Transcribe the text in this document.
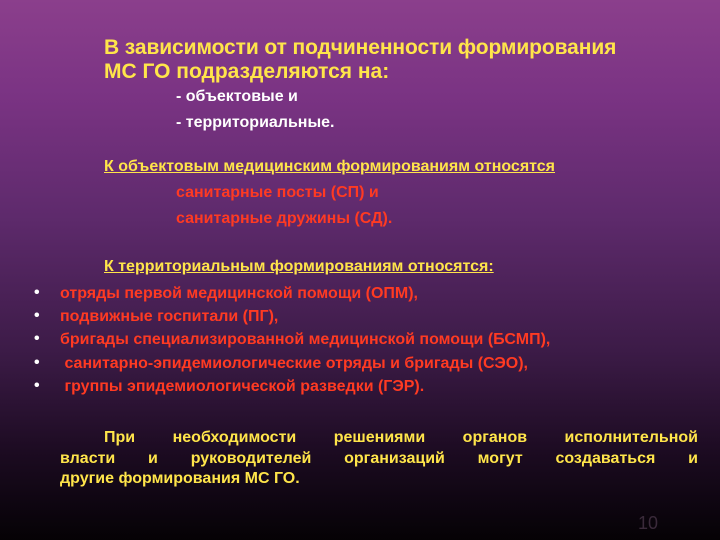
В зависимости от подчиненности формирования
МС ГО подразделяются на:
- объектовые и
- территориальные.
К объектовым медицинским формированиям относятся
санитарные посты (СП) и
санитарные дружины (СД).
К территориальным формированиям относятся:
• отряды первой медицинской помощи (ОПМ),
• подвижные госпитали (ПГ),
• бригады специализированной медицинской помощи (БСМП),
• санитарно-эпидемиологические отряды и бригады (СЭО),
• группы эпидемиологической разведки (ГЭР).
При необходимости решениями органов исполнительной
власти и руководителей организаций могут создаваться и
другие формирования МС ГО.
10
